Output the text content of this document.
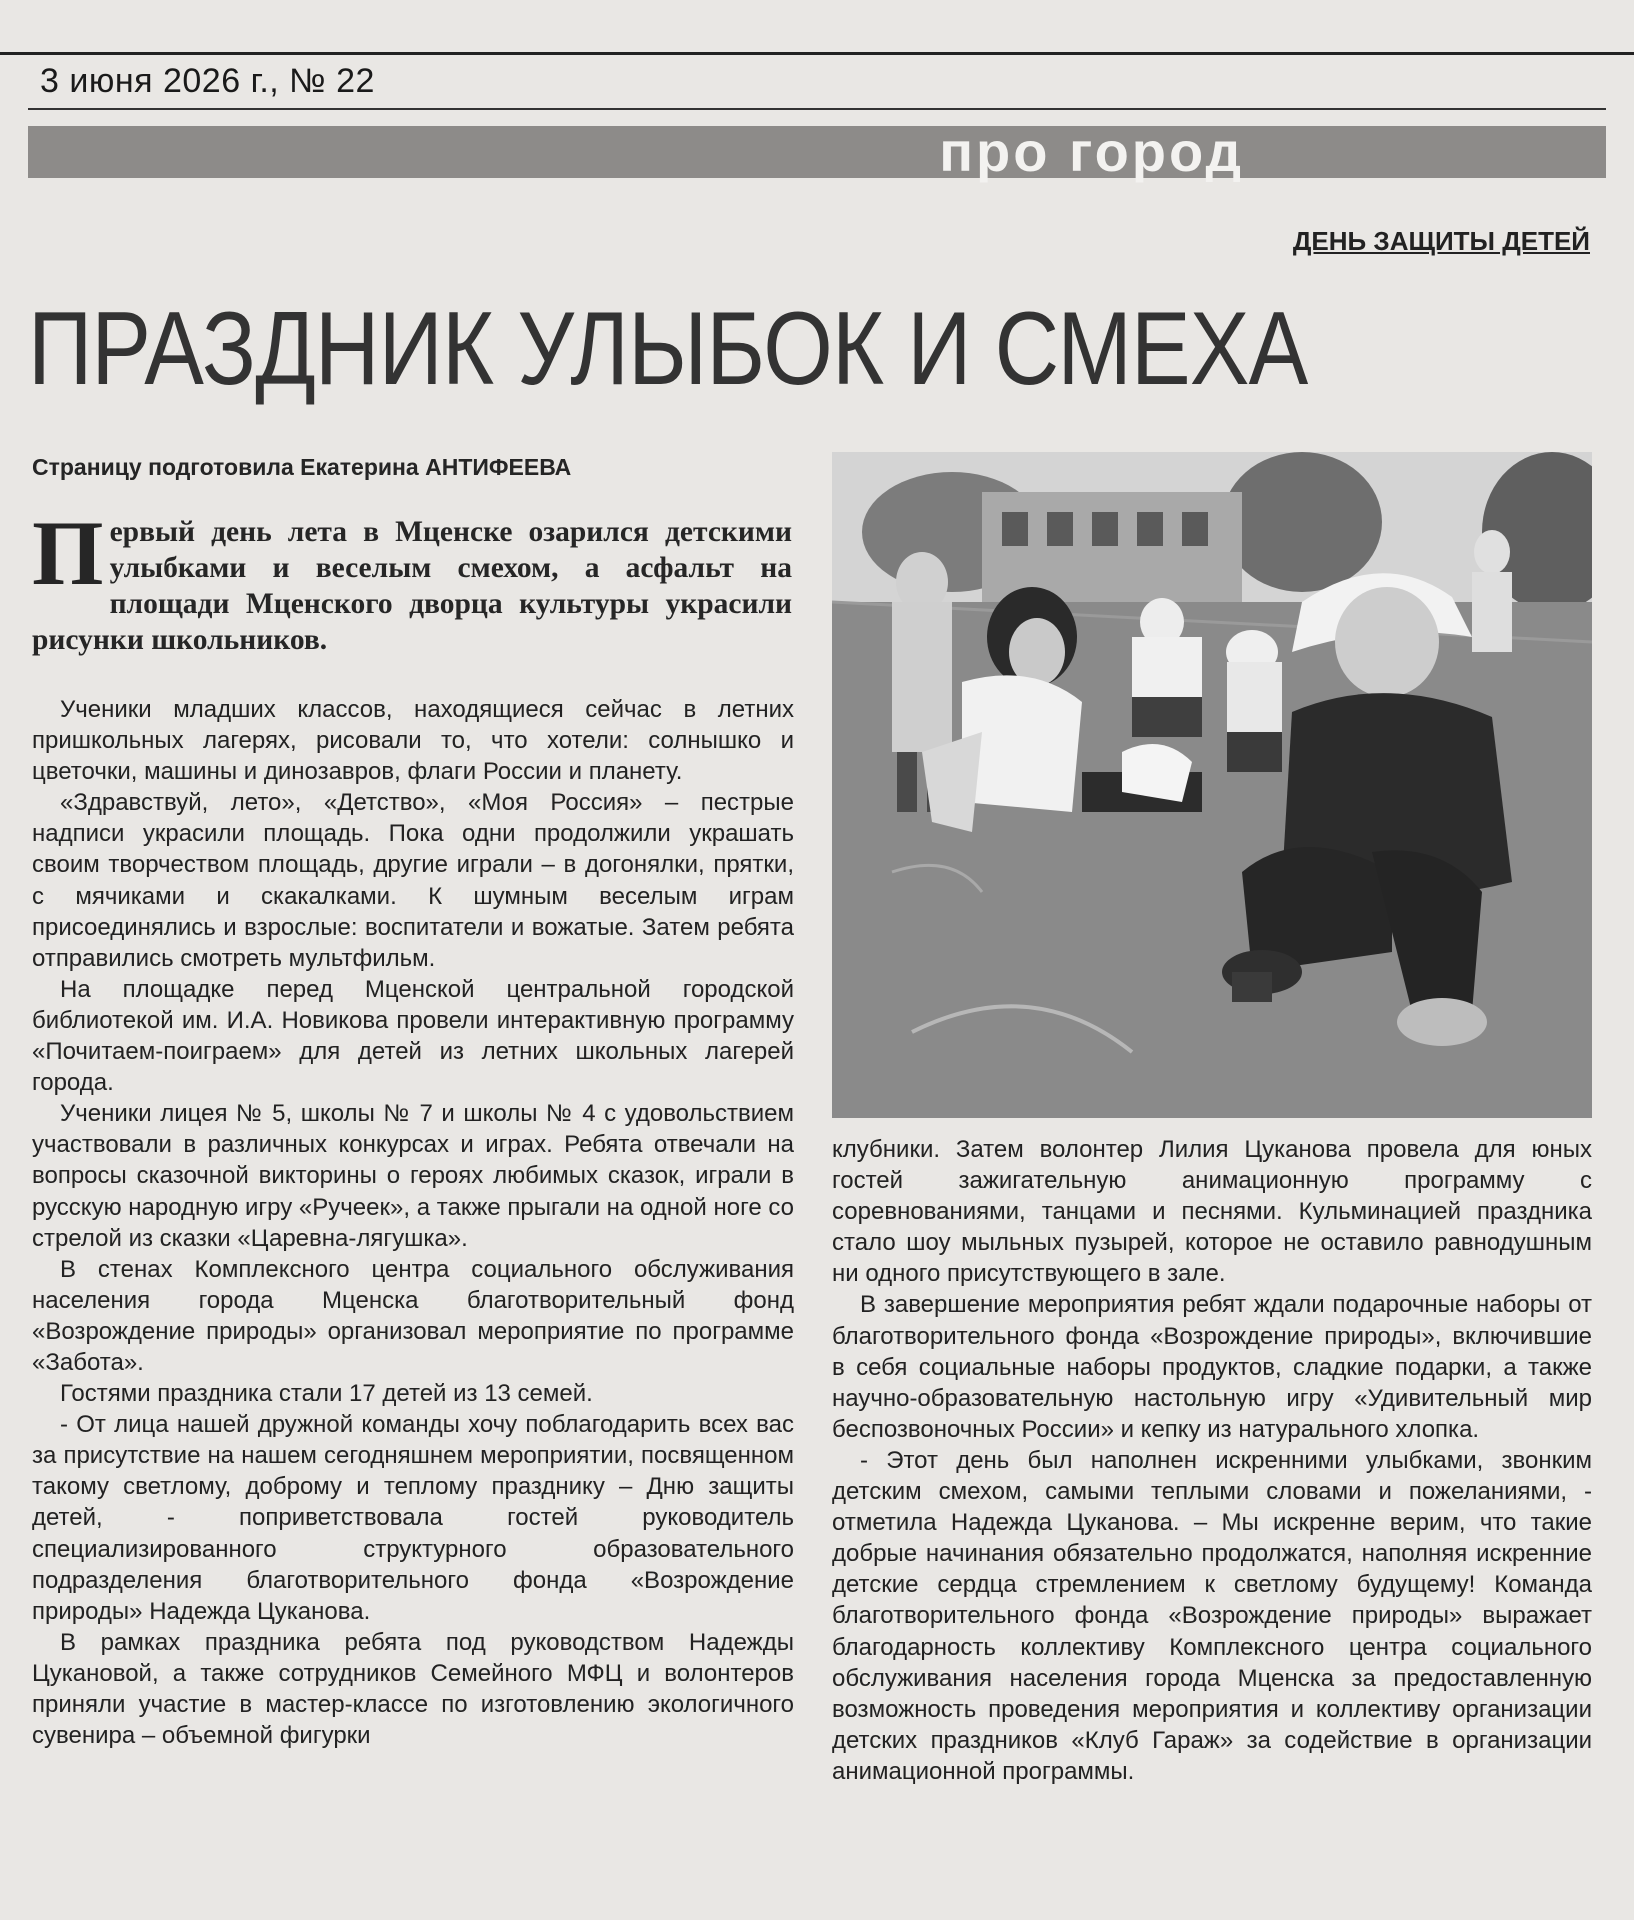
3 июня 2026 г., № 22
про город
ДЕНЬ ЗАЩИТЫ ДЕТЕЙ
ПРАЗДНИК УЛЫБОК И СМЕХА
Страницу подготовила Екатерина АНТИФЕЕВА
Первый день лета в Мценске озарился детскими улыбками и веселым смехом, а асфальт на площади Мценского дворца культуры украсили рисунки школьников.

Ученики младших классов, находящиеся сейчас в летних пришкольных лагерях, рисовали то, что хотели: солнышко и цветочки, машины и динозавров, флаги России и планету.

«Здравствуй, лето», «Детство», «Моя Россия» – пестрые надписи украсили площадь. Пока одни продолжили украшать своим творчеством площадь, другие играли – в догонялки, прятки, с мячиками и скакалками. К шумным веселым играм присоединялись и взрослые: воспитатели и вожатые. Затем ребята отправились смотреть мультфильм.

На площадке перед Мценской центральной городской библиотекой им. И.А. Новикова провели интерактивную программу «Почитаем-поиграем» для детей из летних школьных лагерей города.

Ученики лицея № 5, школы № 7 и школы № 4 с удовольствием участвовали в различных конкурсах и играх. Ребята отвечали на вопросы сказочной викторины о героях любимых сказок, играли в русскую народную игру «Ручеек», а также прыгали на одной ноге со стрелой из сказки «Царевна-лягушка».

В стенах Комплексного центра социального обслуживания населения города Мценска благотворительный фонд «Возрождение природы» организовал мероприятие по программе «Забота».

Гостями праздника стали 17 детей из 13 семей.

- От лица нашей дружной команды хочу поблагодарить всех вас за присутствие на нашем сегодняшнем мероприятии, посвященном такому светлому, доброму и теплому празднику – Дню защиты детей, - поприветствовала гостей руководитель специализированного структурного образовательного подразделения благотворительного фонда «Возрождение природы» Надежда Цуканова.

В рамках праздника ребята под руководством Надежды Цукановой, а также сотрудников Семейного МФЦ и волонтеров приняли участие в мастер-классе по изготовлению экологичного сувенира – объемной фигурки

клубники. Затем волонтер Лилия Цуканова провела для юных гостей зажигательную анимационную программу с соревнованиями, танцами и песнями. Кульминацией праздника стало шоу мыльных пузырей, которое не оставило равнодушным ни одного присутствующего в зале.

В завершение мероприятия ребят ждали подарочные наборы от благотворительного фонда «Возрождение природы», включившие в себя социальные наборы продуктов, сладкие подарки, а также научно-образовательную настольную игру «Удивительный мир беспозвоночных России» и кепку из натурального хлопка.

- Этот день был наполнен искренними улыбками, звонким детским смехом, самыми теплыми словами и пожеланиями, - отметила Надежда Цуканова. – Мы искренне верим, что такие добрые начинания обязательно продолжатся, наполняя искренние детские сердца стремлением к светлому будущему! Команда благотворительного фонда «Возрождение природы» выражает благодарность коллективу Комплексного центра социального обслуживания населения города Мценска за предоставленную возможность проведения мероприятия и коллективу организации детских праздников «Клуб Гараж» за содействие в организации анимационной программы.
